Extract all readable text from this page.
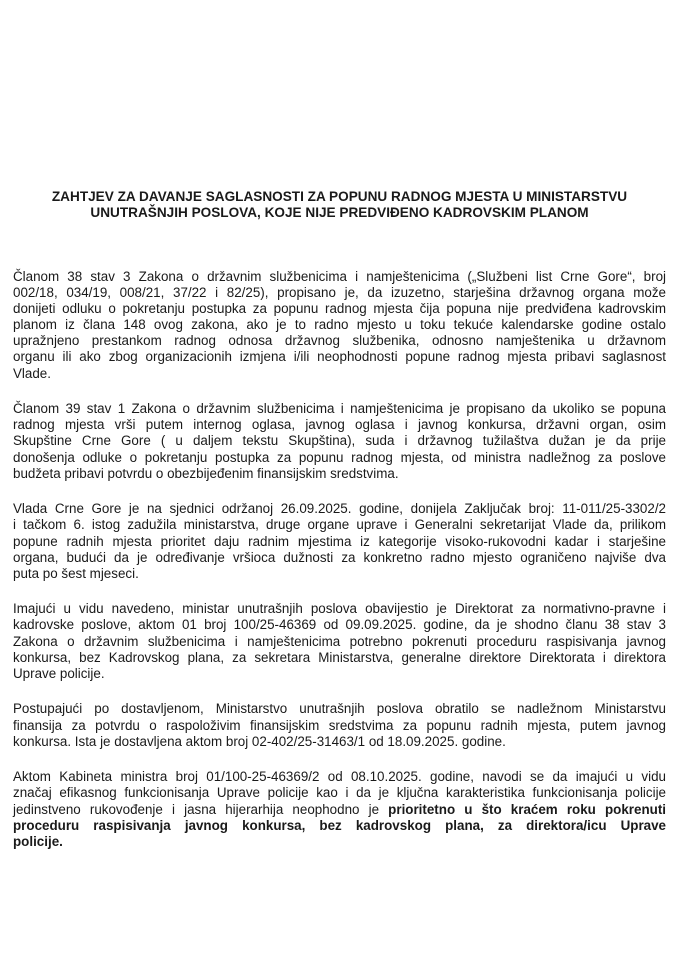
ZAHTJEV ZA DAVANJE SAGLASNOSTI ZA POPUNU RADNOG MJESTA U MINISTARSTVU
UNUTRAŠNJIH POSLOVA, KOJE NIJE PREDVIĐENO KADROVSKIM PLANOM
Članom 38 stav 3 Zakona o državnim službenicima i namještenicima („Službeni list Crne Gore“, broj
002/18, 034/19, 008/21, 37/22 i 82/25), propisano je, da izuzetno, starješina državnog organa može
donijeti odluku o pokretanju postupka za popunu radnog mjesta čija popuna nije predviđena kadrovskim
planom iz člana 148 ovog zakona, ako je to radno mjesto u toku tekuće kalendarske godine ostalo
upražnjeno prestankom radnog odnosa državnog službenika, odnosno namještenika u državnom
organu ili ako zbog organizacionih izmjena i/ili neophodnosti popune radnog mjesta pribavi saglasnost
Vlade.
Članom 39 stav 1 Zakona o državnim službenicima i namještenicima je propisano da ukoliko se popuna
radnog mjesta vrši putem internog oglasa, javnog oglasa i javnog konkursa, državni organ, osim
Skupštine Crne Gore ( u daljem tekstu Skupština), suda i državnog tužilaštva dužan je da prije
donošenja odluke o pokretanju postupka za popunu radnog mjesta, od ministra nadležnog za poslove
budžeta pribavi potvrdu o obezbijeđenim finansijskim sredstvima.
Vlada Crne Gore je na sjednici održanoj 26.09.2025. godine, donijela Zaključak broj: 11-011/25-3302/2
i tačkom 6. istog zadužila ministarstva, druge organe uprave i Generalni sekretarijat Vlade da, prilikom
popune radnih mjesta prioritet daju radnim mjestima iz kategorije visoko-rukovodni kadar i starješine
organa, budući da je određivanje vršioca dužnosti za konkretno radno mjesto ograničeno najviše dva
puta po šest mjeseci.
Imajući u vidu navedeno, ministar unutrašnjih poslova obavijestio je Direktorat za normativno-pravne i
kadrovske poslove, aktom 01 broj 100/25-46369 od 09.09.2025. godine, da je shodno članu 38 stav 3
Zakona o državnim službenicima i namještenicima potrebno pokrenuti proceduru raspisivanja javnog
konkursa, bez Kadrovskog plana, za sekretara Ministarstva, generalne direktore Direktorata i direktora
Uprave policije.
Postupajući po dostavljenom, Ministarstvo unutrašnjih poslova obratilo se nadležnom Ministarstvu
finansija za potvrdu o raspoloživim finansijskim sredstvima za popunu radnih mjesta, putem javnog
konkursa. Ista je dostavljena aktom broj 02-402/25-31463/1 od 18.09.2025. godine.
Aktom Kabineta ministra broj 01/100-25-46369/2 od 08.10.2025. godine, navodi se da imajući u vidu
značaj efikasnog funkcionisanja Uprave policije kao i da je ključna karakteristika funkcionisanja policije
jedinstveno rukovođenje i jasna hijerarhija neophodno je prioritetno u što kraćem roku pokrenuti
proceduru raspisivanja javnog konkursa, bez kadrovskog plana, za direktora/icu Uprave
policije.
